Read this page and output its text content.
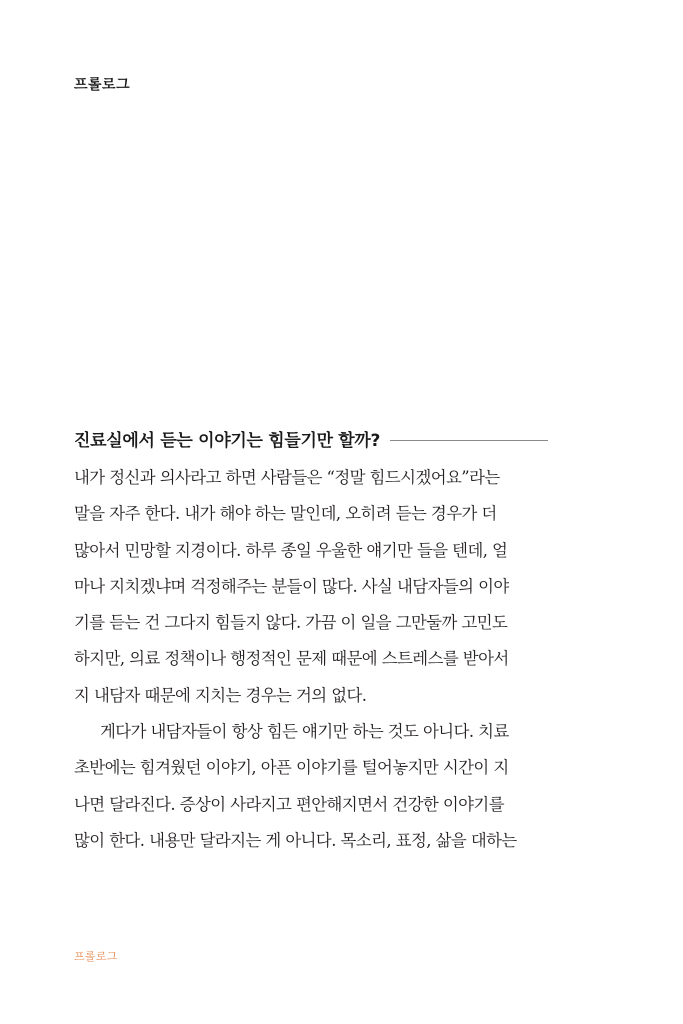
프롤로그
진료실에서 듣는 이야기는 힘들기만 할까?
내가 정신과 의사라고 하면 사람들은 “정말 힘드시겠어요”라는
말을 자주 한다. 내가 해야 하는 말인데, 오히려 듣는 경우가 더
많아서 민망할 지경이다. 하루 종일 우울한 얘기만 들을 텐데, 얼
마나 지치겠냐며 걱정해주는 분들이 많다. 사실 내담자들의 이야
기를 듣는 건 그다지 힘들지 않다. 가끔 이 일을 그만둘까 고민도
하지만, 의료 정책이나 행정적인 문제 때문에 스트레스를 받아서
지 내담자 때문에 지치는 경우는 거의 없다.
게다가 내담자들이 항상 힘든 얘기만 하는 것도 아니다. 치료
초반에는 힘겨웠던 이야기, 아픈 이야기를 털어놓지만 시간이 지
나면 달라진다. 증상이 사라지고 편안해지면서 건강한 이야기를
많이 한다. 내용만 달라지는 게 아니다. 목소리, 표정, 삶을 대하는
프롤로그
